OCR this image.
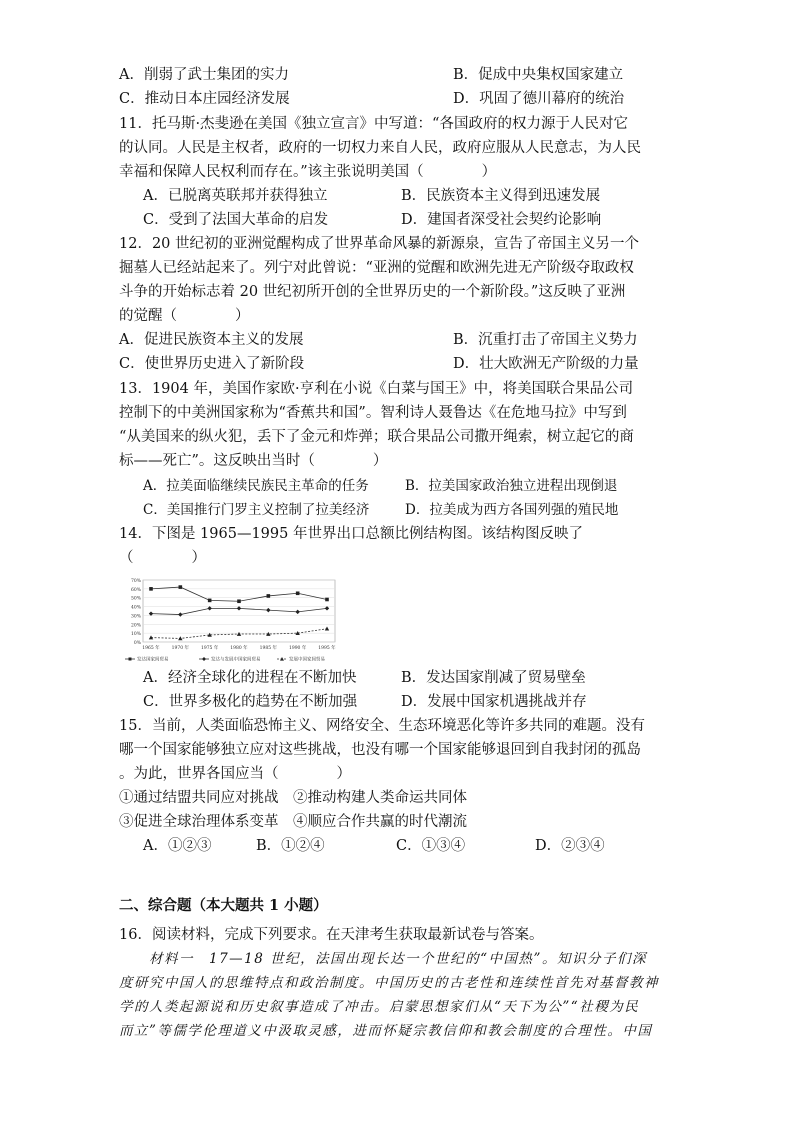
A．削弱了武士集团的实力	B．促成中央集权国家建立
C．推动日本庄园经济发展	D．巩固了德川幕府的统治
11．托马斯·杰斐逊在美国《独立宣言》中写道：“各国政府的权力源于人民对它
的认同。人民是主权者，政府的一切权力来自人民，政府应服从人民意志，为人民
幸福和保障人民权利而存在。”该主张说明美国（　　　　）
A．已脱离英联邦并获得独立	B．民族资本主义得到迅速发展
C．受到了法国大革命的启发	D．建国者深受社会契约论影响
12．20 世纪初的亚洲觉醒构成了世界革命风暴的新源泉，宣告了帝国主义另一个
掘墓人已经站起来了。列宁对此曾说：“亚洲的觉醒和欧洲先进无产阶级夺取政权
斗争的开始标志着 20 世纪初所开创的全世界历史的一个新阶段。”这反映了亚洲
的觉醒（　　　　）
A．促进民族资本主义的发展	B．沉重打击了帝国主义势力
C．使世界历史进入了新阶段	D．壮大欧洲无产阶级的力量
13．1904 年，美国作家欧·亨利在小说《白菜与国王》中，将美国联合果品公司
控制下的中美洲国家称为“香蕉共和国”。智利诗人聂鲁达《在危地马拉》中写到
“从美国来的纵火犯，丢下了金元和炸弹；联合果品公司撒开绳索，树立起它的商
标——死亡”。这反映出当时（　　　　）
A．拉美面临继续民族民主革命的任务	B．拉美国家政治独立进程出现倒退
C．美国推行门罗主义控制了拉美经济	D．拉美成为西方各国列强的殖民地
14．下图是 1965—1995 年世界出口总额比例结构图。该结构图反映了
（　　　　）
0%
10%
20%
30%
40%
50%
60%
70%
1965 年	1970 年	1975 年	1980 年	1985 年	1990 年	1995 年
发达国家间贸易	发达与发展中国家间贸易	发展中国家间贸易
A．经济全球化的进程在不断加快	B．发达国家削减了贸易壁垒
C．世界多极化的趋势在不断加强	D．发展中国家机遇挑战并存
15．当前，人类面临恐怖主义、网络安全、生态环境恶化等许多共同的难题。没有
哪一个国家能够独立应对这些挑战，也没有哪一个国家能够退回到自我封闭的孤岛
。为此，世界各国应当（　　　　）
①通过结盟共同应对挑战　②推动构建人类命运共同体
③促进全球治理体系变革　④顺应合作共赢的时代潮流
A．①②③	B．①②④	C．①③④	D．②③④
二、综合题（本大题共 1 小题）
16．阅读材料，完成下列要求。在天津考生获取最新试卷与答案。
　　材料一　17—18 世纪，法国出现长达一个世纪的“中国热”。知识分子们深
度研究中国人的思维特点和政治制度。中国历史的古老性和连续性首先对基督教神
学的人类起源说和历史叙事造成了冲击。启蒙思想家们从“天下为公”“社稷为民
而立”等儒学伦理道义中汲取灵感，进而怀疑宗教信仰和教会制度的合理性。中国
